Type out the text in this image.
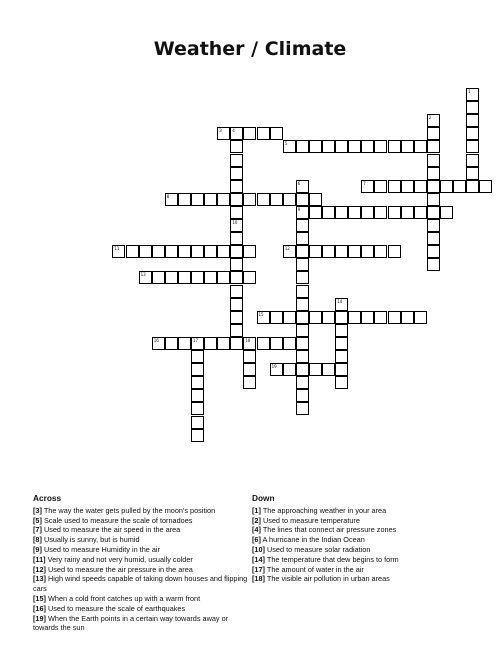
Weather / Climate
1
2
3	4
5
6
9
7
8
10
11	12
13
14
15
16	17	18
19
Across
[3] The way the water gets pulled by the moon's position
[5] Scale used to measure the scale of tornadoes
[7] Used to measure the air speed in the area
[8] Usually is sunny, but is humid
[9] Used to measure Humidity in the air
[11] Very rainy and not very humid, usually colder
[12] Used to measure the air pressure in the area
[13] High wind speeds capable of taking down houses and flipping cars
[15] When a cold front catches up with a warm front
[16] Used to measure the scale of earthquakes
[19] When the Earth points in a certain way towards away or towards the sun
Down
[1] The approaching weather in your area
[2] Used to measure temperature
[4] The lines that connect air pressure zones
[6] A hurricane in the Indian Ocean
[10] Used to measure solar radiation
[14] The temperature that dew begins to form
[17] The amount of water in the air
[18] The visible air pollution in urban areas
